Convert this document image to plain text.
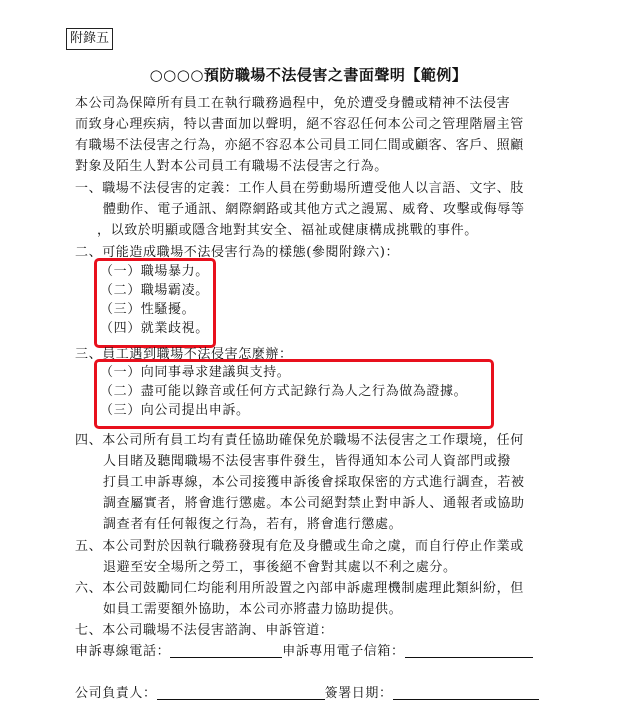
附錄五
○○○○預防職場不法侵害之書面聲明【範例】
本公司為保障所有員工在執行職務過程中，免於遭受身體或精神不法侵害
而致身心理疾病，特以書面加以聲明，絕不容忍任何本公司之管理階層主管
有職場不法侵害之行為，亦絕不容忍本公司員工同仁間或顧客、客戶、照顧
對象及陌生人對本公司員工有職場不法侵害之行為。
一、職場不法侵害的定義：工作人員在勞動場所遭受他人以言語、文字、肢
體動作、電子通訊、網際網路或其他方式之謾罵、威脅、攻擊或侮辱等
，以致於明顯或隱含地對其安全、福祉或健康構成挑戰的事件。
二、可能造成職場不法侵害行為的樣態(參閱附錄六)：
（一）職場暴力。
（二）職場霸凌。
（三）性騷擾。
（四）就業歧視。
三、員工遇到職場不法侵害怎麼辦：
（一）向同事尋求建議與支持。
（二）盡可能以錄音或任何方式記錄行為人之行為做為證據。
（三）向公司提出申訴。
四、本公司所有員工均有責任協助確保免於職場不法侵害之工作環境，任何
人目睹及聽聞職場不法侵害事件發生，皆得通知本公司人資部門或撥
打員工申訴專線，本公司接獲申訴後會採取保密的方式進行調查，若被
調查屬實者，將會進行懲處。本公司絕對禁止對申訴人、通報者或協助
調查者有任何報復之行為，若有，將會進行懲處。
五、本公司對於因執行職務發現有危及身體或生命之虞，而自行停止作業或
退避至安全場所之勞工，事後絕不會對其處以不利之處分。
六、本公司鼓勵同仁均能利用所設置之內部申訴處理機制處理此類糾紛，但
如員工需要額外協助，本公司亦將盡力協助提供。
七、本公司職場不法侵害諮詢、申訴管道：
申訴專線電話：	申訴專用電子信箱：
公司負責人：	簽署日期：
